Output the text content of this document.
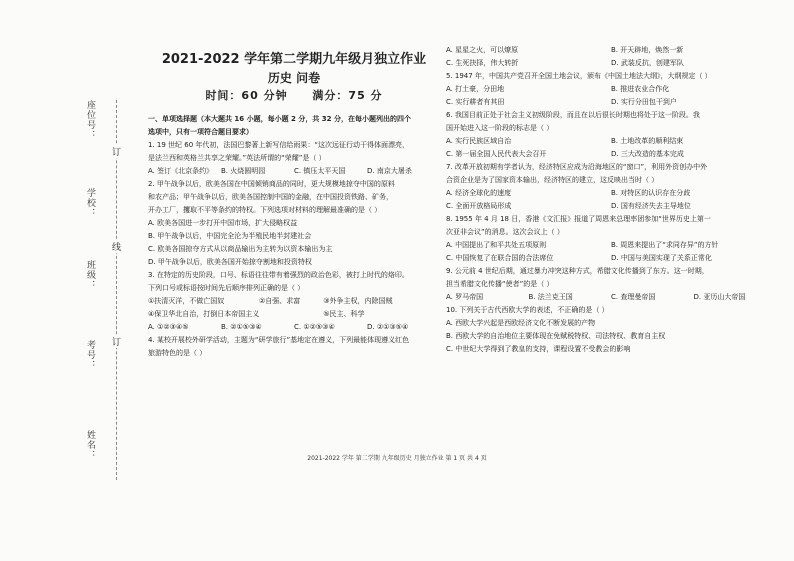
座位号：
学校：
班级：
考号：
姓名：
订
线
订
2021-2022 学年第二学期九年级月独立作业
历史 问卷
时间：60 分钟 满分：75 分
一、单项选择题（本大题共 16 小题，每小题 2 分，共 32 分，在每小题列出的四个
选项中，只有一项符合题目要求）

1. 19 世纪 60 年代初，法国巴黎著上新写信给雨果：“这次远征行动干得体面漂亮，

是法兰西和英格兰共享之荣耀。”英法所谓的“荣耀”是（ ）

A. 签订《北京条约》	B. 火烧圆明园	C. 镇压太平天国	D. 南京大屠杀

2. 甲午战争以后，欧美各国在中国倾销商品的同时，更大规模地掠夺中国的原料

和农产品；甲午战争以后，欧美各国控制中国的金融，在中国投资铁路、矿务，

开办工厂，攫取不平等条约的特权。下列选项对材料的理解最准确的是（ ）

A. 欧美各国进一步打开中国市场，扩大侵略权益

B. 甲午战争以后，中国完全沦为半殖民地半封建社会

C. 欧美各国掠夺方式从以商品输出为主转为以资本输出为主

D. 甲午战争以后，欧美各国开始掠夺割地和投资特权

3. 在特定的历史阶段，口号、标语往往带有着强烈的政治色彩，被打上时代的烙印。

下列口号或标语按时间先后顺序排列正确的是（ ）

①扶清灭洋，不做亡国奴	②自强、求富	③外争主权，内除国贼
④保卫华北自治，打倒日本帝国主义	⑤民主、科学
A. ①②③④⑤	B. ②①⑤③④	C. ①②⑤③④	D. ②①③⑤④

4. 某校开展校外研学活动，主题为“研学旅行”基地定在遵义，下列最能体现遵义红色

旅游特色的是（ ）

A. 星星之火，可以燎原	B. 开天辟地，焕然一新
C. 生死抉择，伟大转折	D. 武装反抗，创建军队

5. 1947 年，中国共产党召开全国土地会议，颁布《中国土地法大纲》，大纲规定（ ）

A. 打土豪，分田地	B. 推进农业合作化
C. 实行耕者有其田	D. 实行分田包干到户

6. 我国目前正处于社会主义初级阶段，而且在以后很长时期也将处于这一阶段。我

国开始进入这一阶段的标志是（ ）

A. 实行民族区域自治	B. 土地改革的顺利结束
C. 第一届全国人民代表大会召开	D. 三大改造的基本完成

7. 改革开放初期有学者认为，经济特区应成为沿海地区的“窗口”，利用外资创办中外

合资企业是为了国家资本输出，经济特区的建立，这反映出当时（ ）

A. 经济全球化的速度	B. 对特区的认识存在分歧
C. 全面开放格局形成	D. 国有经济失去主导地位

8. 1955 年 4 月 18 日，香港《文汇报》报道了周恩来总理率团参加“世界历史上第一

次亚非会议”的消息。这次会议上（ ）

A. 中国提出了和平共处五项原则	B. 周恩来提出了“求同存异”的方针
C. 中国恢复了在联合国的合法席位	D. 中国与美国实现了关系正常化

9. 公元前 4 世纪后期，通过暴力冲突这种方式，希腊文化传播到了东方。这一时期，

担当希腊文化传播“使者”的是（ ）

A. 罗马帝国	B. 法兰克王国	C. 查理曼帝国	D. 亚历山大帝国

10. 下列关于古代西欧大学的表述，不正确的是（ ）

A. 西欧大学兴起是西欧经济文化不断发展的产物

B. 西欧大学的自治地位主要体现在免赋税特权、司法特权、教育自主权

C. 中世纪大学得到了教皇的支持，课程设置不受教会的影响

2021-2022 学年 第二学期 九年级历史 月独立作业 第 1 页 共 4 页
